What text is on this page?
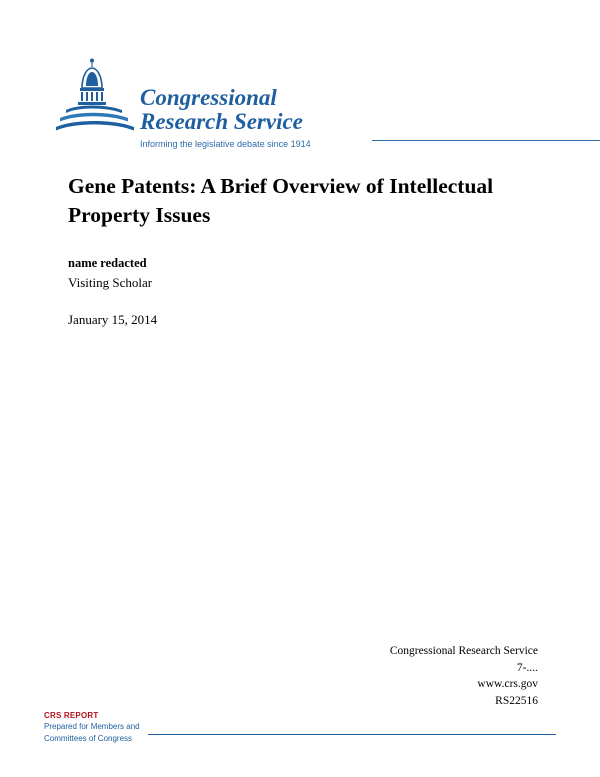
Congressional
Research Service
Informing the legislative debate since 1914
Gene Patents: A Brief Overview of Intellectual Property Issues
name redacted
Visiting Scholar
January 15, 2014
Congressional Research Service
7-....
www.crs.gov
RS22516
CRS REPORT
Prepared for Members and
Committees of Congress
